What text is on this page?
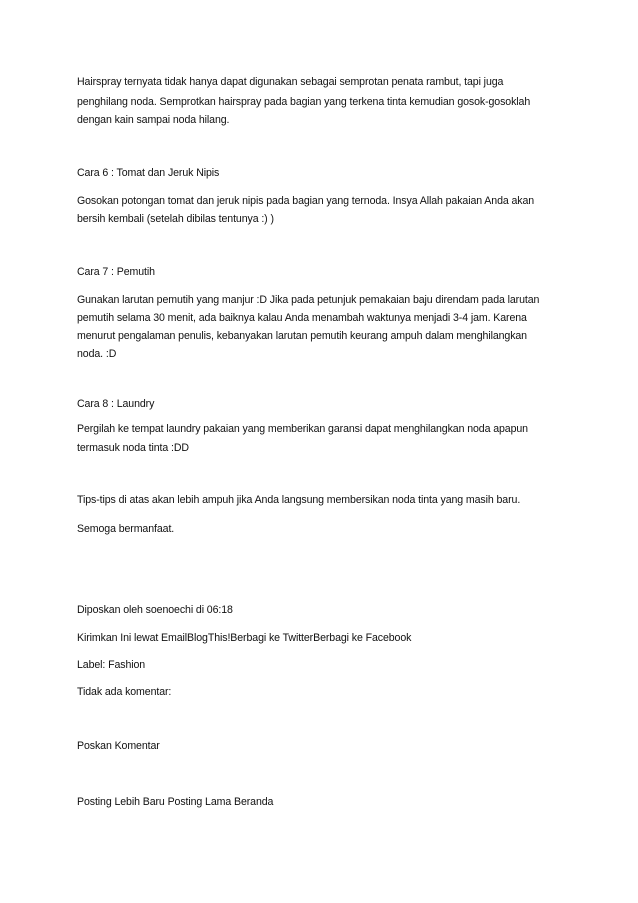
Hairspray ternyata tidak hanya dapat digunakan sebagai semprotan penata rambut, tapi juga
penghilang noda. Semprotkan hairspray pada bagian yang terkena tinta kemudian gosok-gosoklah
dengan kain sampai noda hilang.
Cara 6 : Tomat dan Jeruk Nipis
Gosokan potongan tomat dan jeruk nipis pada bagian yang ternoda. Insya Allah pakaian Anda akan
bersih kembali (setelah dibilas tentunya :) )
Cara 7 : Pemutih
Gunakan larutan pemutih yang manjur :D Jika pada petunjuk pemakaian baju direndam pada larutan
pemutih selama 30 menit, ada baiknya kalau Anda menambah waktunya menjadi 3-4 jam. Karena
menurut pengalaman penulis, kebanyakan larutan pemutih keurang ampuh dalam menghilangkan
noda. :D
Cara 8 : Laundry
Pergilah ke tempat laundry pakaian yang memberikan garansi dapat menghilangkan noda apapun
termasuk noda tinta :DD
Tips-tips di atas akan lebih ampuh jika Anda langsung membersikan noda tinta yang masih baru.
Semoga bermanfaat.
Diposkan oleh soenoechi di 06:18
Kirimkan Ini lewat EmailBlogThis!Berbagi ke TwitterBerbagi ke Facebook
Label: Fashion
Tidak ada komentar:
Poskan Komentar
Posting Lebih Baru Posting Lama Beranda
